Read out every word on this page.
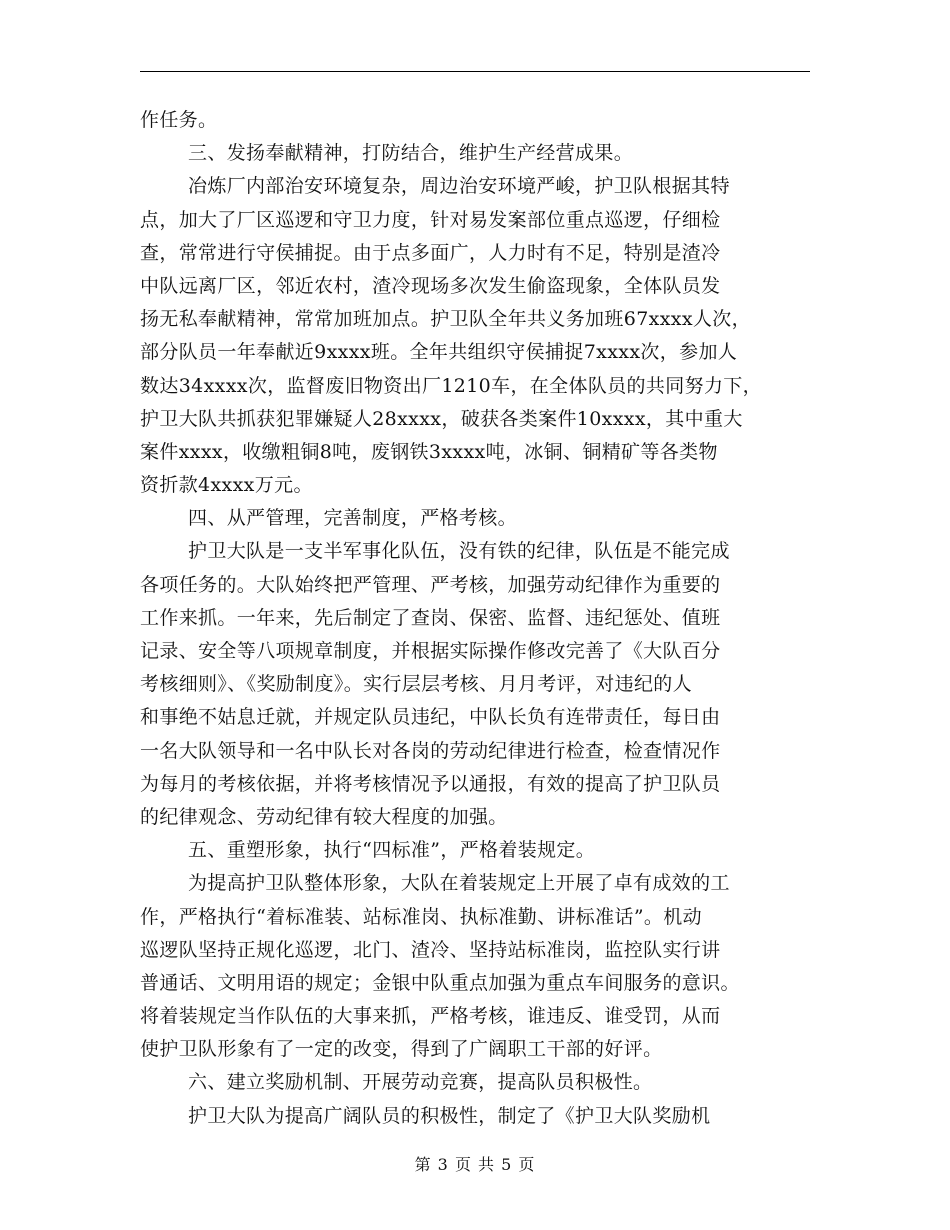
作任务。
三、发扬奉献精神，打防结合，维护生产经营成果。
冶炼厂内部治安环境复杂，周边治安环境严峻，护卫队根据其特
点，加大了厂区巡逻和守卫力度，针对易发案部位重点巡逻，仔细检
查，常常进行守侯捕捉。由于点多面广，人力时有不足，特别是渣冷
中队远离厂区，邻近农村，渣冷现场多次发生偷盗现象，全体队员发
扬无私奉献精神，常常加班加点。护卫队全年共义务加班67xxxx人次，
部分队员一年奉献近9xxxx班。全年共组织守侯捕捉7xxxx次，参加人
数达34xxxx次，监督废旧物资出厂1210车，在全体队员的共同努力下，
护卫大队共抓获犯罪嫌疑人28xxxx，破获各类案件10xxxx，其中重大
案件xxxx，收缴粗铜8吨，废钢铁3xxxx吨，冰铜、铜精矿等各类物
资折款4xxxx万元。
四、从严管理，完善制度，严格考核。
护卫大队是一支半军事化队伍，没有铁的纪律，队伍是不能完成
各项任务的。大队始终把严管理、严考核，加强劳动纪律作为重要的
工作来抓。一年来，先后制定了查岗、保密、监督、违纪惩处、值班
记录、安全等八项规章制度，并根据实际操作修改完善了《大队百分
考核细则》、《奖励制度》。实行层层考核、月月考评，对违纪的人
和事绝不姑息迁就，并规定队员违纪，中队长负有连带责任，每日由
一名大队领导和一名中队长对各岗的劳动纪律进行检查，检查情况作
为每月的考核依据，并将考核情况予以通报，有效的提高了护卫队员
的纪律观念、劳动纪律有较大程度的加强。
五、重塑形象，执行“四标准”，严格着装规定。
为提高护卫队整体形象，大队在着装规定上开展了卓有成效的工
作，严格执行“着标准装、站标准岗、执标准勤、讲标准话”。机动
巡逻队坚持正规化巡逻，北门、渣冷、坚持站标准岗，监控队实行讲
普通话、文明用语的规定；金银中队重点加强为重点车间服务的意识。
将着装规定当作队伍的大事来抓，严格考核，谁违反、谁受罚，从而
使护卫队形象有了一定的改变，得到了广阔职工干部的好评。
六、建立奖励机制、开展劳动竞赛，提高队员积极性。
护卫大队为提高广阔队员的积极性，制定了《护卫大队奖励机
第 3 页 共 5 页
